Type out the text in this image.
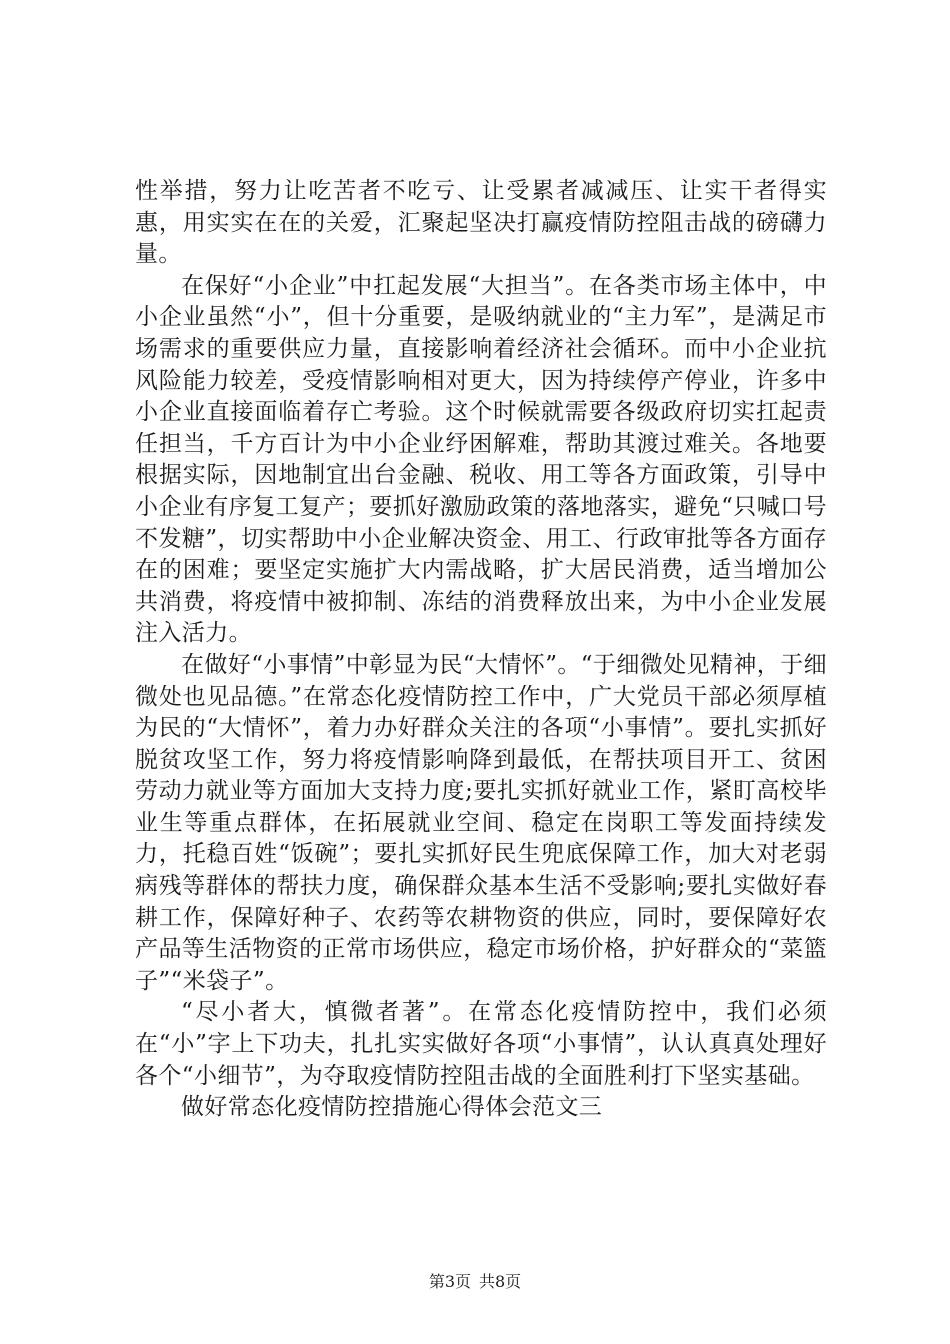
性举措，努力让吃苦者不吃亏、让受累者减减压、让实干者得实惠，用实实在在的关爱，汇聚起坚决打赢疫情防控阻击战的磅礴力量。

在保好“小企业”中扛起发展“大担当”。在各类市场主体中，中小企业虽然“小”，但十分重要，是吸纳就业的“主力军”，是满足市场需求的重要供应力量，直接影响着经济社会循环。而中小企业抗风险能力较差，受疫情影响相对更大，因为持续停产停业，许多中小企业直接面临着存亡考验。这个时候就需要各级政府切实扛起责任担当，千方百计为中小企业纾困解难，帮助其渡过难关。各地要根据实际，因地制宜出台金融、税收、用工等各方面政策，引导中小企业有序复工复产；要抓好激励政策的落地落实，避免“只喊口号不发糖”，切实帮助中小企业解决资金、用工、行政审批等各方面存在的困难；要坚定实施扩大内需战略，扩大居民消费，适当增加公共消费，将疫情中被抑制、冻结的消费释放出来，为中小企业发展注入活力。

在做好“小事情”中彰显为民“大情怀”。“于细微处见精神，于细微处也见品德。”在常态化疫情防控工作中，广大党员干部必须厚植为民的“大情怀”，着力办好群众关注的各项“小事情”。要扎实抓好脱贫攻坚工作，努力将疫情影响降到最低，在帮扶项目开工、贫困劳动力就业等方面加大支持力度;要扎实抓好就业工作，紧盯高校毕业生等重点群体，在拓展就业空间、稳定在岗职工等发面持续发力，托稳百姓“饭碗”；要扎实抓好民生兜底保障工作，加大对老弱病残等群体的帮扶力度，确保群众基本生活不受影响;要扎实做好春耕工作，保障好种子、农药等农耕物资的供应，同时，要保障好农产品等生活物资的正常市场供应，稳定市场价格，护好群众的“菜篮子”“米袋子”。

“尽小者大，慎微者著”。在常态化疫情防控中，我们必须在“小”字上下功夫，扎扎实实做好各项“小事情”，认认真真处理好各个“小细节”，为夺取疫情防控阻击战的全面胜利打下坚实基础。

做好常态化疫情防控措施心得体会范文三

第3页 共8页
